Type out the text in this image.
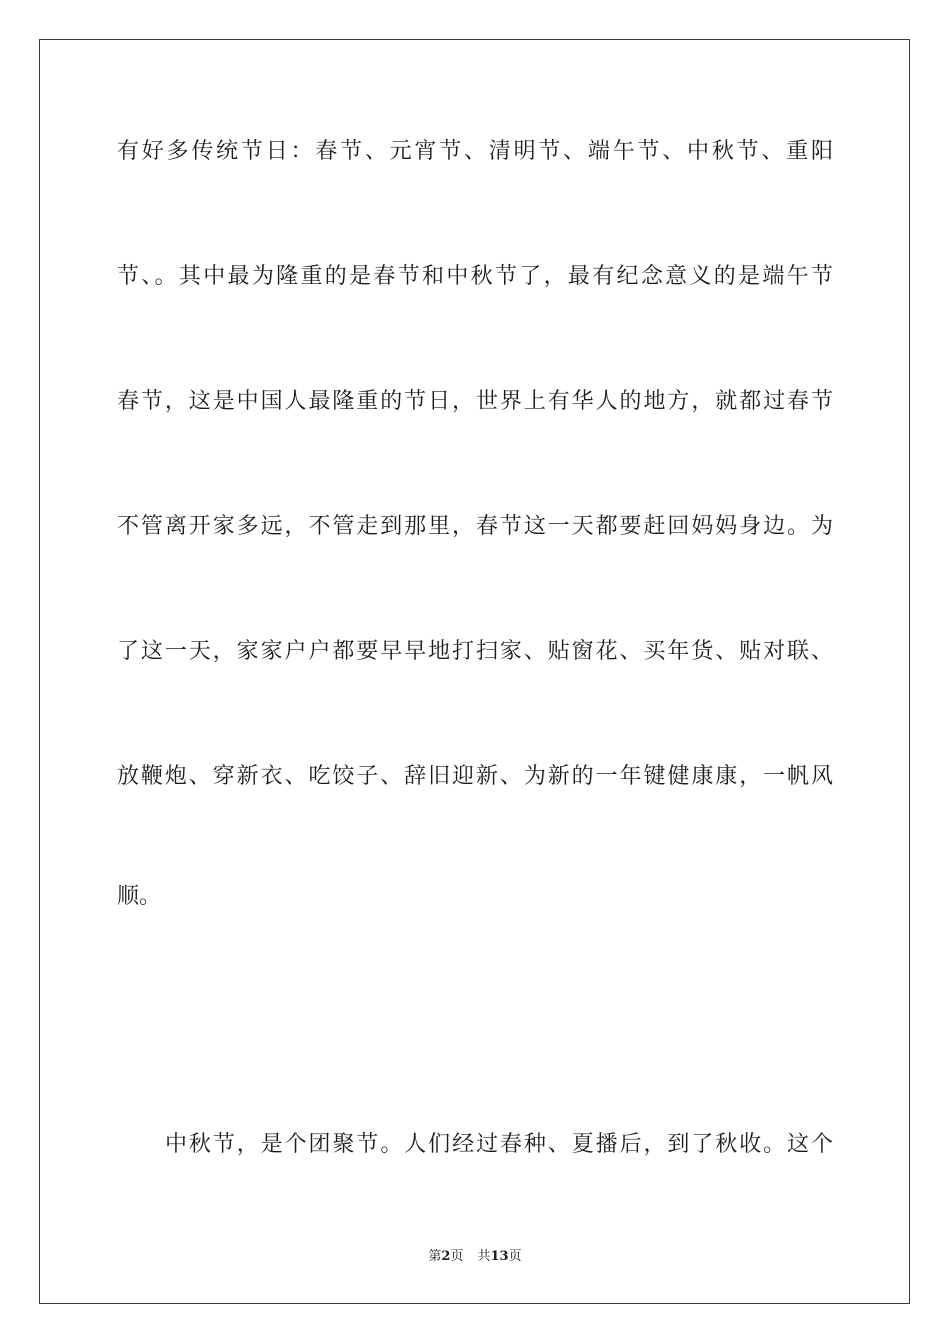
有好多传统节日：春节、元宵节、清明节、端午节、中秋节、重阳
节、。其中最为隆重的是春节和中秋节了，最有纪念意义的是端午节
春节，这是中国人最隆重的节日，世界上有华人的地方，就都过春节
不管离开家多远，不管走到那里，春节这一天都要赶回妈妈身边。为
了这一天，家家户户都要早早地打扫家、贴窗花、买年货、贴对联、
放鞭炮、穿新衣、吃饺子、辞旧迎新、为新的一年键健康康，一帆风
顺。
中秋节，是个团聚节。人们经过春种、夏播后，到了秋收。这个
第2页 共13页
